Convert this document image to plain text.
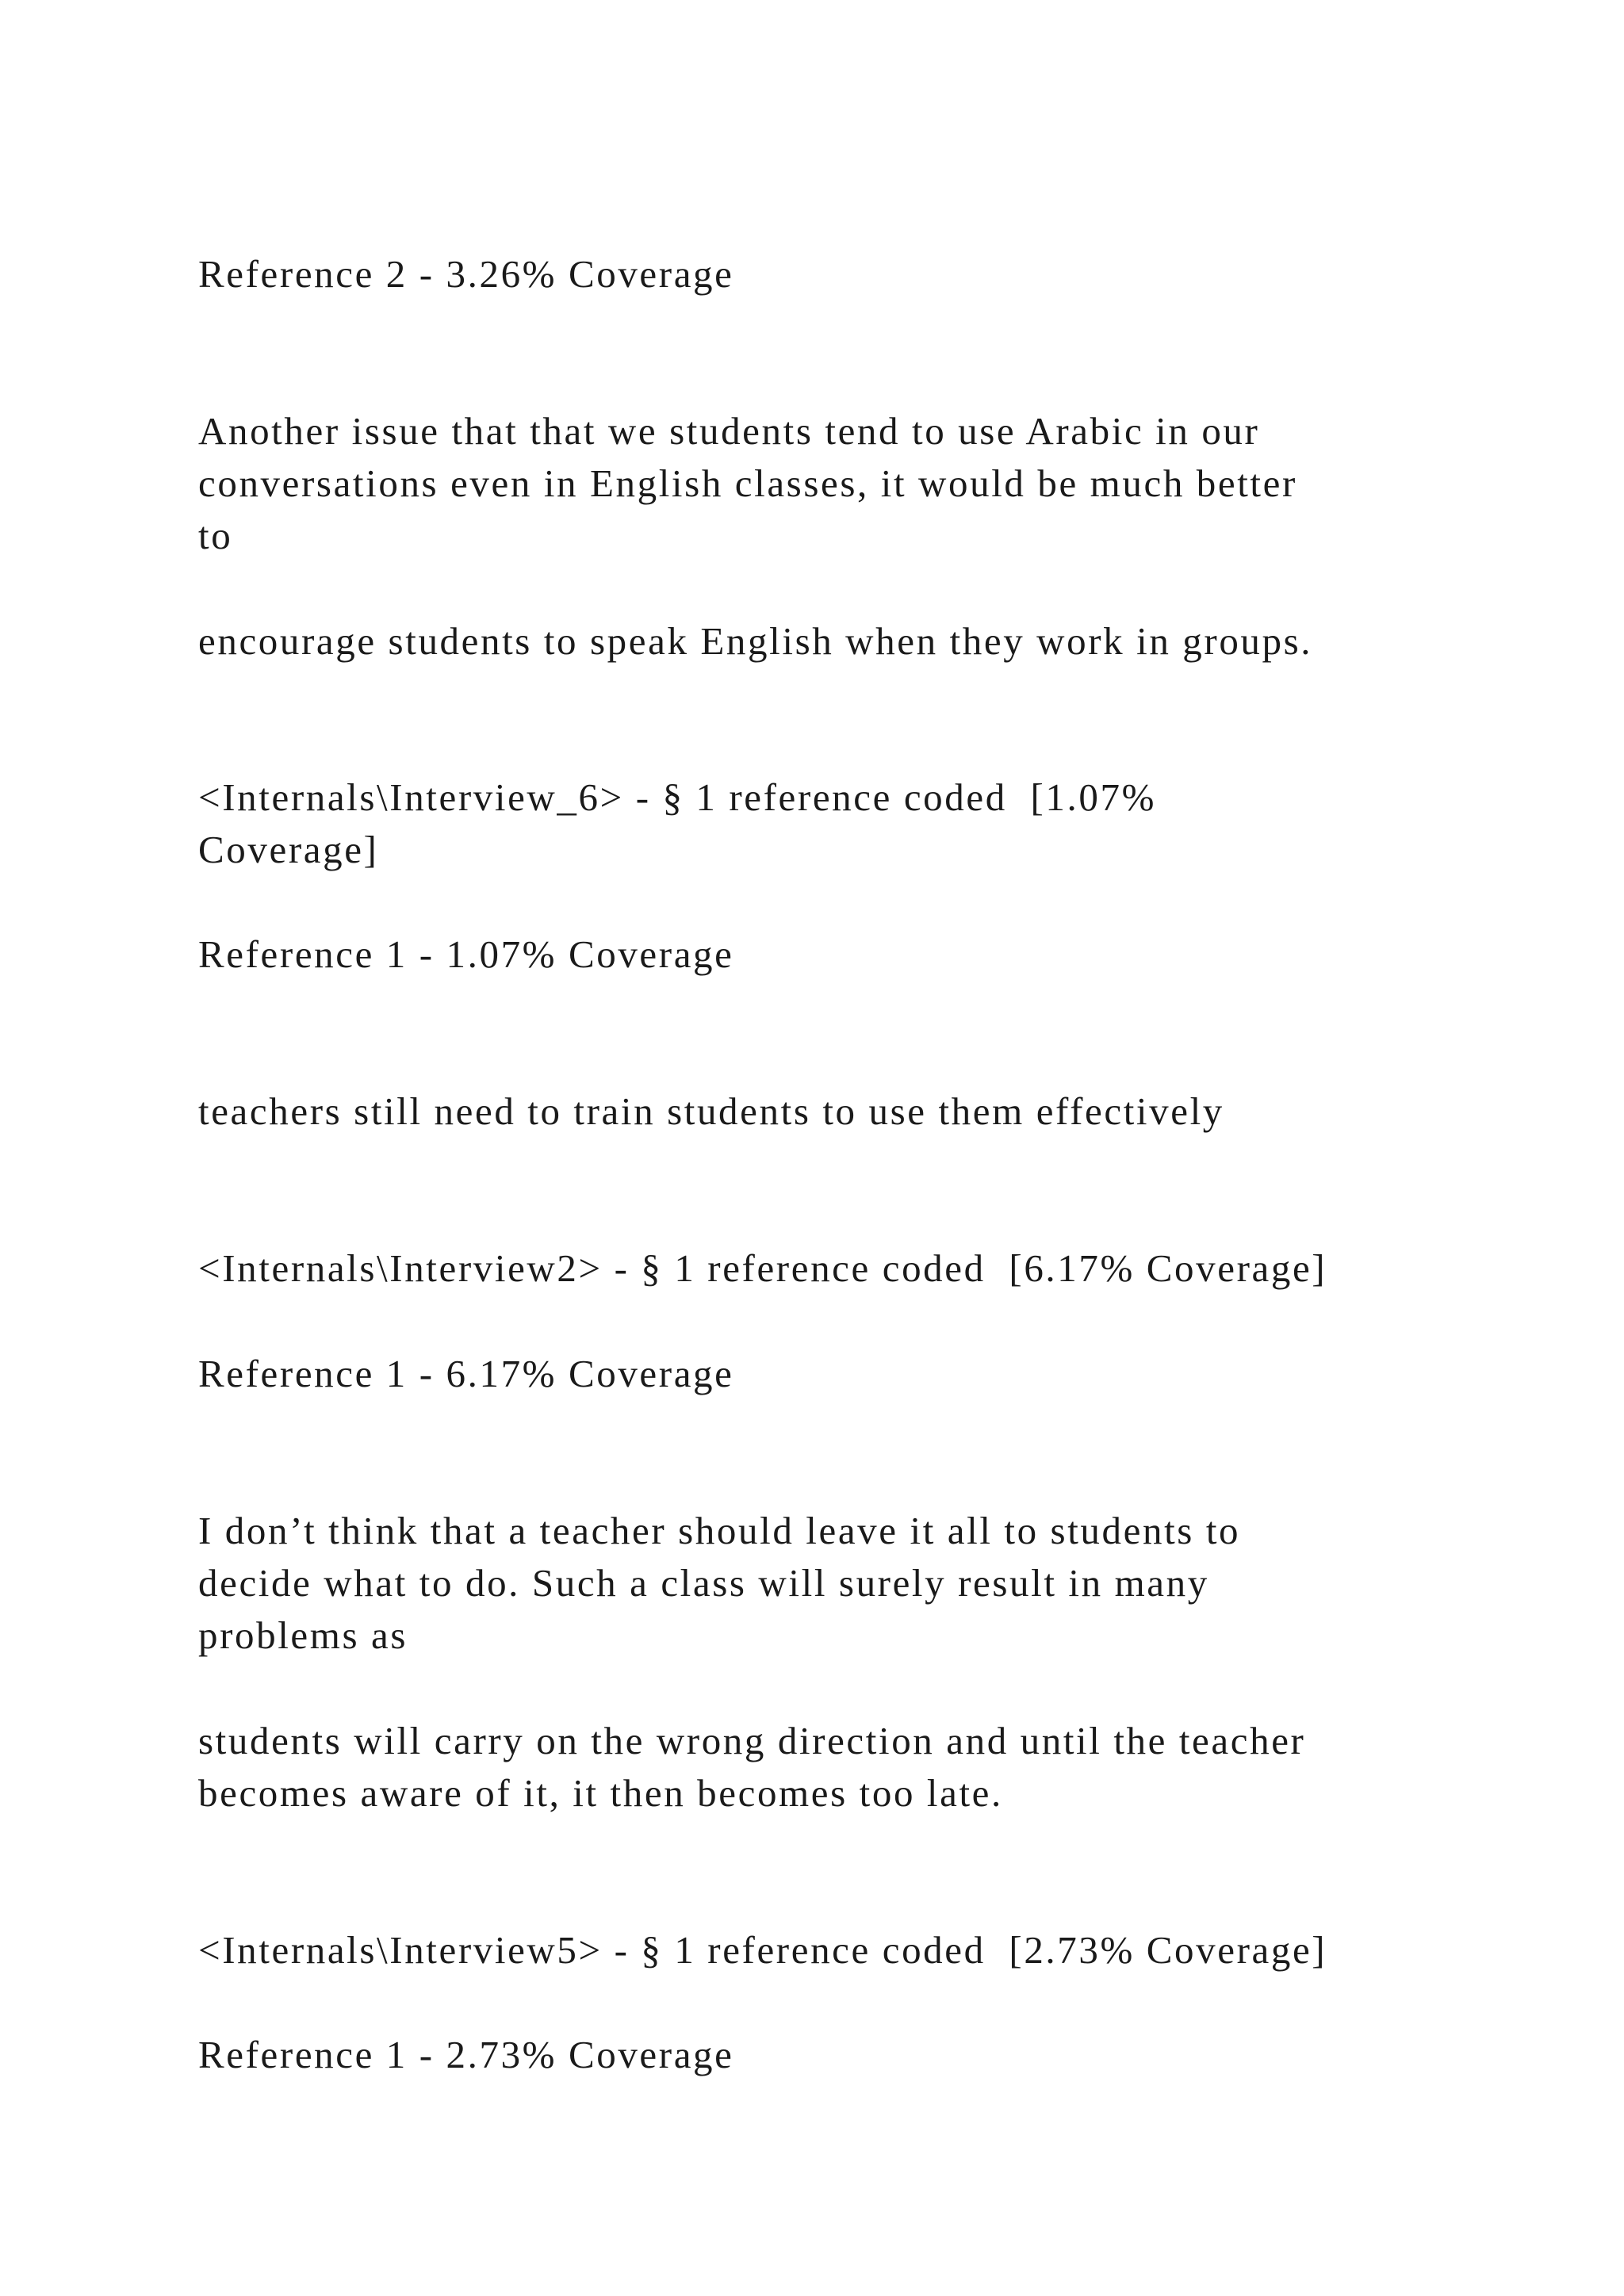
Reference 2 - 3.26% Coverage

Another issue that that we students tend to use Arabic in our

conversations even in English classes, it would be much better

to

encourage students to speak English when they work in groups.

<Internals\Interview_6> - § 1 reference coded  [1.07%

Coverage]

Reference 1 - 1.07% Coverage

teachers still need to train students to use them effectively

<Internals\Interview2> - § 1 reference coded  [6.17% Coverage]

Reference 1 - 6.17% Coverage

I don’t think that a teacher should leave it all to students to

decide what to do. Such a class will surely result in many

problems as

students will carry on the wrong direction and until the teacher

becomes aware of it, it then becomes too late.

<Internals\Interview5> - § 1 reference coded  [2.73% Coverage]

Reference 1 - 2.73% Coverage
